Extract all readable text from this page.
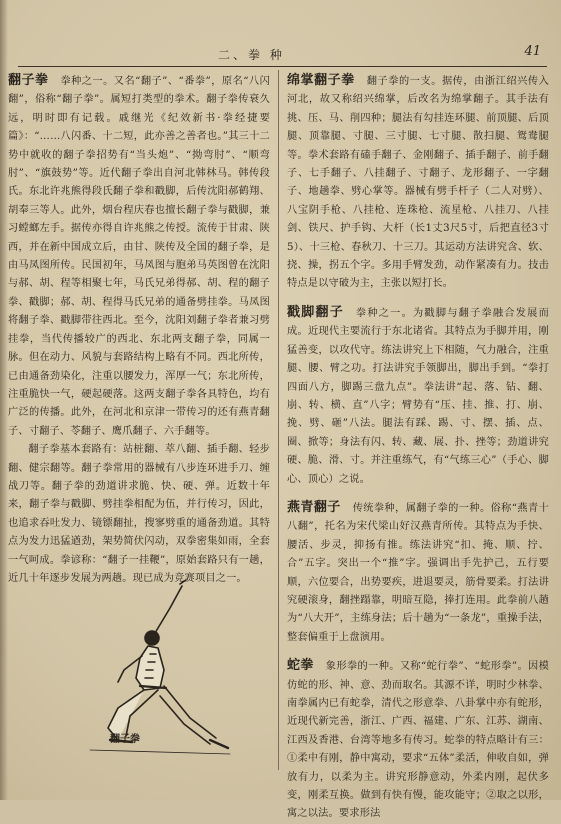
二、拳 种	41

翻子拳 拳种之一。又名“翻子”、“番拳”，原名“八闪翻”，俗称“翻子拳”。属短打类型的拳术。翻子拳传衰久远，明时即有记载。戚继光《纪效新书·拳经捷要篇》：“……八闪番、十二短，此亦善之善者也。”其三十二势中就收的翻子拳招势有“当头炮”、“拗弯肘”、“顺弯肘”、“旗鼓势”等。近代翻子拳出自河北韩林马。韩传段氏。东北许兆熊得段氏翻子拳和戳脚，后传沈阳郝鹤翔、胡奉三等人。此外，烟台程庆春也擅长翻子拳与戳脚，兼习螳螂左手。据传亦得自许兆熊之传授。流传于甘肃、陕西，并在新中国成立后，由甘、陕传及全国的翻子拳，是由马凤图所传。民国初年，马凤图与胞弟马英图曾在沈阳与郝、胡、程等相聚七年，马氏兄弟得郝、胡、程的翻子拳、戳脚；郝、胡、程得马氏兄弟的通备劈挂拳。马凤图将翻子拳、戳脚带往西北。至今，沈阳刘翻子拳者兼习劈挂拳，当代传播较广的西北、东北两支翻子拳，同属一脉。但在动力、风貌与套路结构上略有不同。西北所传，已由通备劲染化，注重以腰发力，浑厚一气；东北所传，注重脆快一气，硬起硬落。这两支翻子拳各具特色，均有广泛的传播。此外，在河北和京津一带传习的还有燕青翻子、寸翻子、苓翻子、鹰爪翻子、六手翻等。

翻子拳基本套路有：站桩翻、萃八翻、插手翻、轻步翻、健宗翻等。翻子拳常用的器械有八步连环进手刀、缠战刀等。翻子拳的劲道讲求脆、快、硬、弹。近数十年来，翻子拳与戳脚、劈挂拳相配为伍，并行传习，因此，也追求吞吐发力、镜镖翻扯，搜寥劈重的通备劲道。其特点为发力迅猛遒劲，架势简伏闪动，双拳密集如雨，全套一气呵成。拳谚称：“翻子一挂鞭”，原始套路只有一趟，近几十年逐步发展为两趟。现已成为竞赛项目之一。

翻子拳

绵掌翻子拳 翻子拳的一支。据传，由浙江绍兴传入河北，故又称绍兴绵掌，后改名为绵掌翻子。其手法有挑、压、马、削四种；腿法有勾挂连环腿、前顶腿、后顶腿、顶靠腿、寸腿、三寸腿、七寸腿、散扫腿、鸳鸯腿等。拳术套路有磕手翻子、金刚翻子、插手翻子、前手翻子、七手翻子、八挂翻子、寸翻子、龙形翻子、一字翻子、地趟拳、劈心掌等。器械有劈手杆子（二人对劈）、八宝阴手枪、八挂枪、连珠枪、流星枪、八挂刀、八挂剑、铁尺、护手钩、大杆（长1丈3尺5寸，后把直径3寸5）、十三枪、春秋刀、十三刀。其运动方法讲究含、软、挠、操，拐五个字。多用手臂发劲，动作紧凑有力。技击特点是以守破为主，主张以短打长。

戳脚翻子 拳种之一。为戳脚与翻子拳融合发展而成。近现代主要流行于东北诸省。其特点为手脚并用，刚猛善变，以攻代守。练法讲究上下相随，气力融合，注重腿、腰、臂之功。打法讲究手领脚出，脚出手到。“拳打四面八方，脚踢三盘九点”。拳法讲“起、落、钻、翻、崩、转、横、直”八字；臂势有“压、挂、推、打、崩、挽、劈、砸”八法。腿法有踩、踢、寸、摆、插、点、圈、掀等；身法有闪、转、藏、展、扑、挫等；劲道讲究硬、脆、滑、寸。并注重练气，有“气练三心”（手心、脚心、顶心）之说。

燕青翻子 传统拳种，属翻子拳的一种。俗称“燕青十八翻”，托名为宋代梁山好汉燕青所传。其特点为手快、腰活、步灵，抑扬有推。练法讲究“扣、掩、顺、拧、合”五字。突出一个“推”字。强调出手先护己，五行要顺，六位要合，出势要疾，进退要灵，筋骨要柔。打法讲究硬滚身，翻挫蹋靠，明暗互隐，捧打连用。此拳前八趟为“八大开”，主练身法；后十趟为“一条龙”，重操手法，整套偏重于上盘演用。

蛇拳 象形拳的一种。又称“蛇行拳”、“蛇形拳”。因模仿蛇的形、神、意、劲而取名。其源不详，明时少林拳、南拳属内已有蛇拳，清代之形意拳、八卦掌中亦有蛇形，近现代新完善，浙江、广西、福建、广东、江苏、湖南、江西及香港、台湾等地多有传习。蛇拳的特点略计有三：①柔中有刚，静中寓动，要求“五体”柔活，伸收自如，弹放有力，以柔为主。讲究形静意动，外柔内刚，起伏多变，刚柔互换。做到有快有慢，能攻能守；②取之以形，寓之以法。要求形法
